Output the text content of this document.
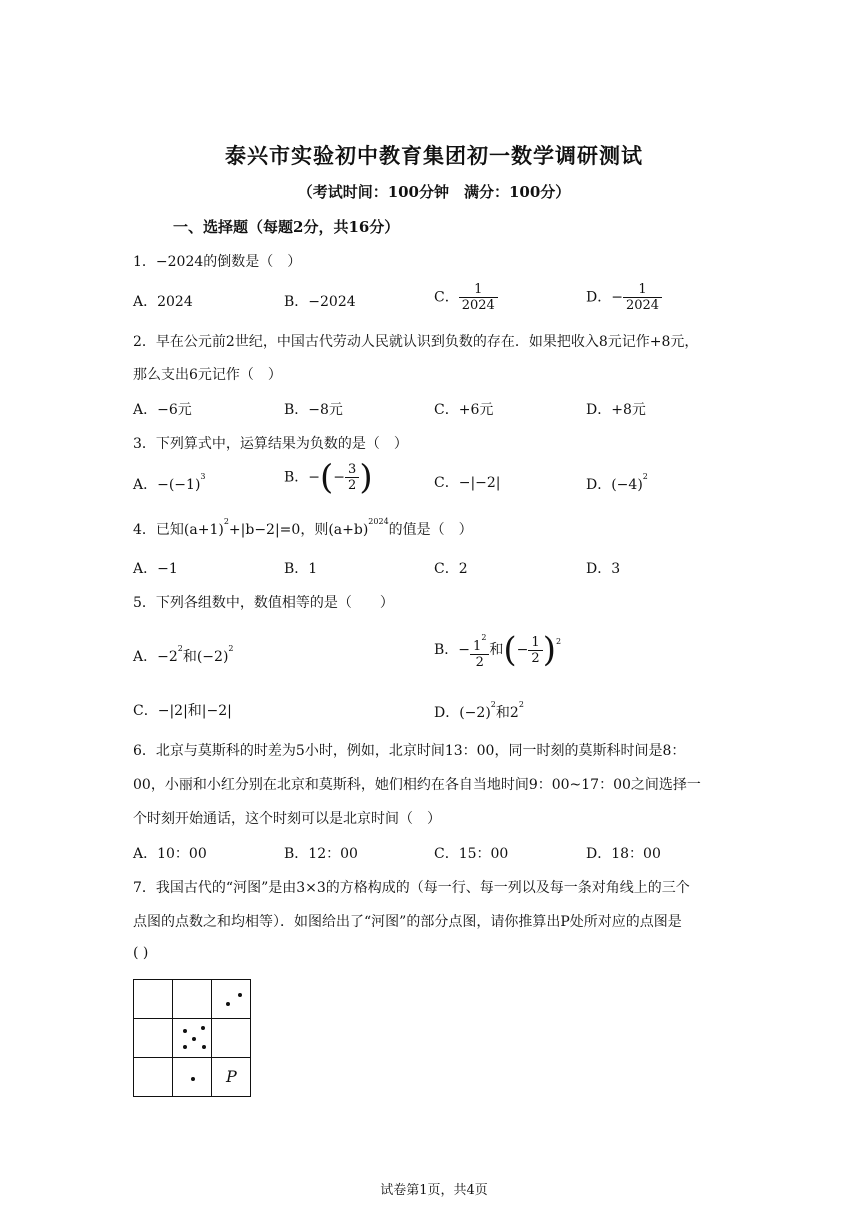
泰兴市实验初中教育集团初一数学调研测试
（考试时间：100分钟　满分：100分）
一、选择题（每题2分，共16分）
1．−2024的倒数是（　）
A．2024	B．−2024	C． $\frac{1}{2024}$	D．− $\frac{1}{2024}$
2．早在公元前2世纪，中国古代劳动人民就认识到负数的存在．如果把收入8元记作+8元，
那么支出6元记作（　）
A．−6元	B．−8元	C．+6元	D．+8元
3．下列算式中，运算结果为负数的是（　）
A．$-(-1)^3$	B．−(− $\frac{3}{2}$ )	C．−|−2|	D．$(-4)^2$
4．已知$(a+1)^2+|b-2|=0$，则$(a+b)^{2024}$的值是（　）
A．−1	B．1	C．2	D．3
5．下列各组数中，数值相等的是（　　）
A．$-2^2$和$(-2)^2$	B．− $\frac{1^2}{2}$ 和(− $\frac{1}{2} )^2$
C．−|2|和|−2|	D．$(-2)^2$和$2^2$
6．北京与莫斯科的时差为5小时，例如，北京时间13：00，同一时刻的莫斯科时间是8：
00，小丽和小红分别在北京和莫斯科，她们相约在各自当地时间9：00~17：00之间选择一
个时刻开始通话，这个时刻可以是北京时间（　）
A．10：00	B．12：00	C．15：00	D．18：00
7．我国古代的“河图”是由3×3的方格构成的（每一行、每一列以及每一条对角线上的三个
点图的点数之和均相等）．如图给出了“河图”的部分点图，请你推算出P处所对应的点图是
( )

		P
试卷第1页，共4页
